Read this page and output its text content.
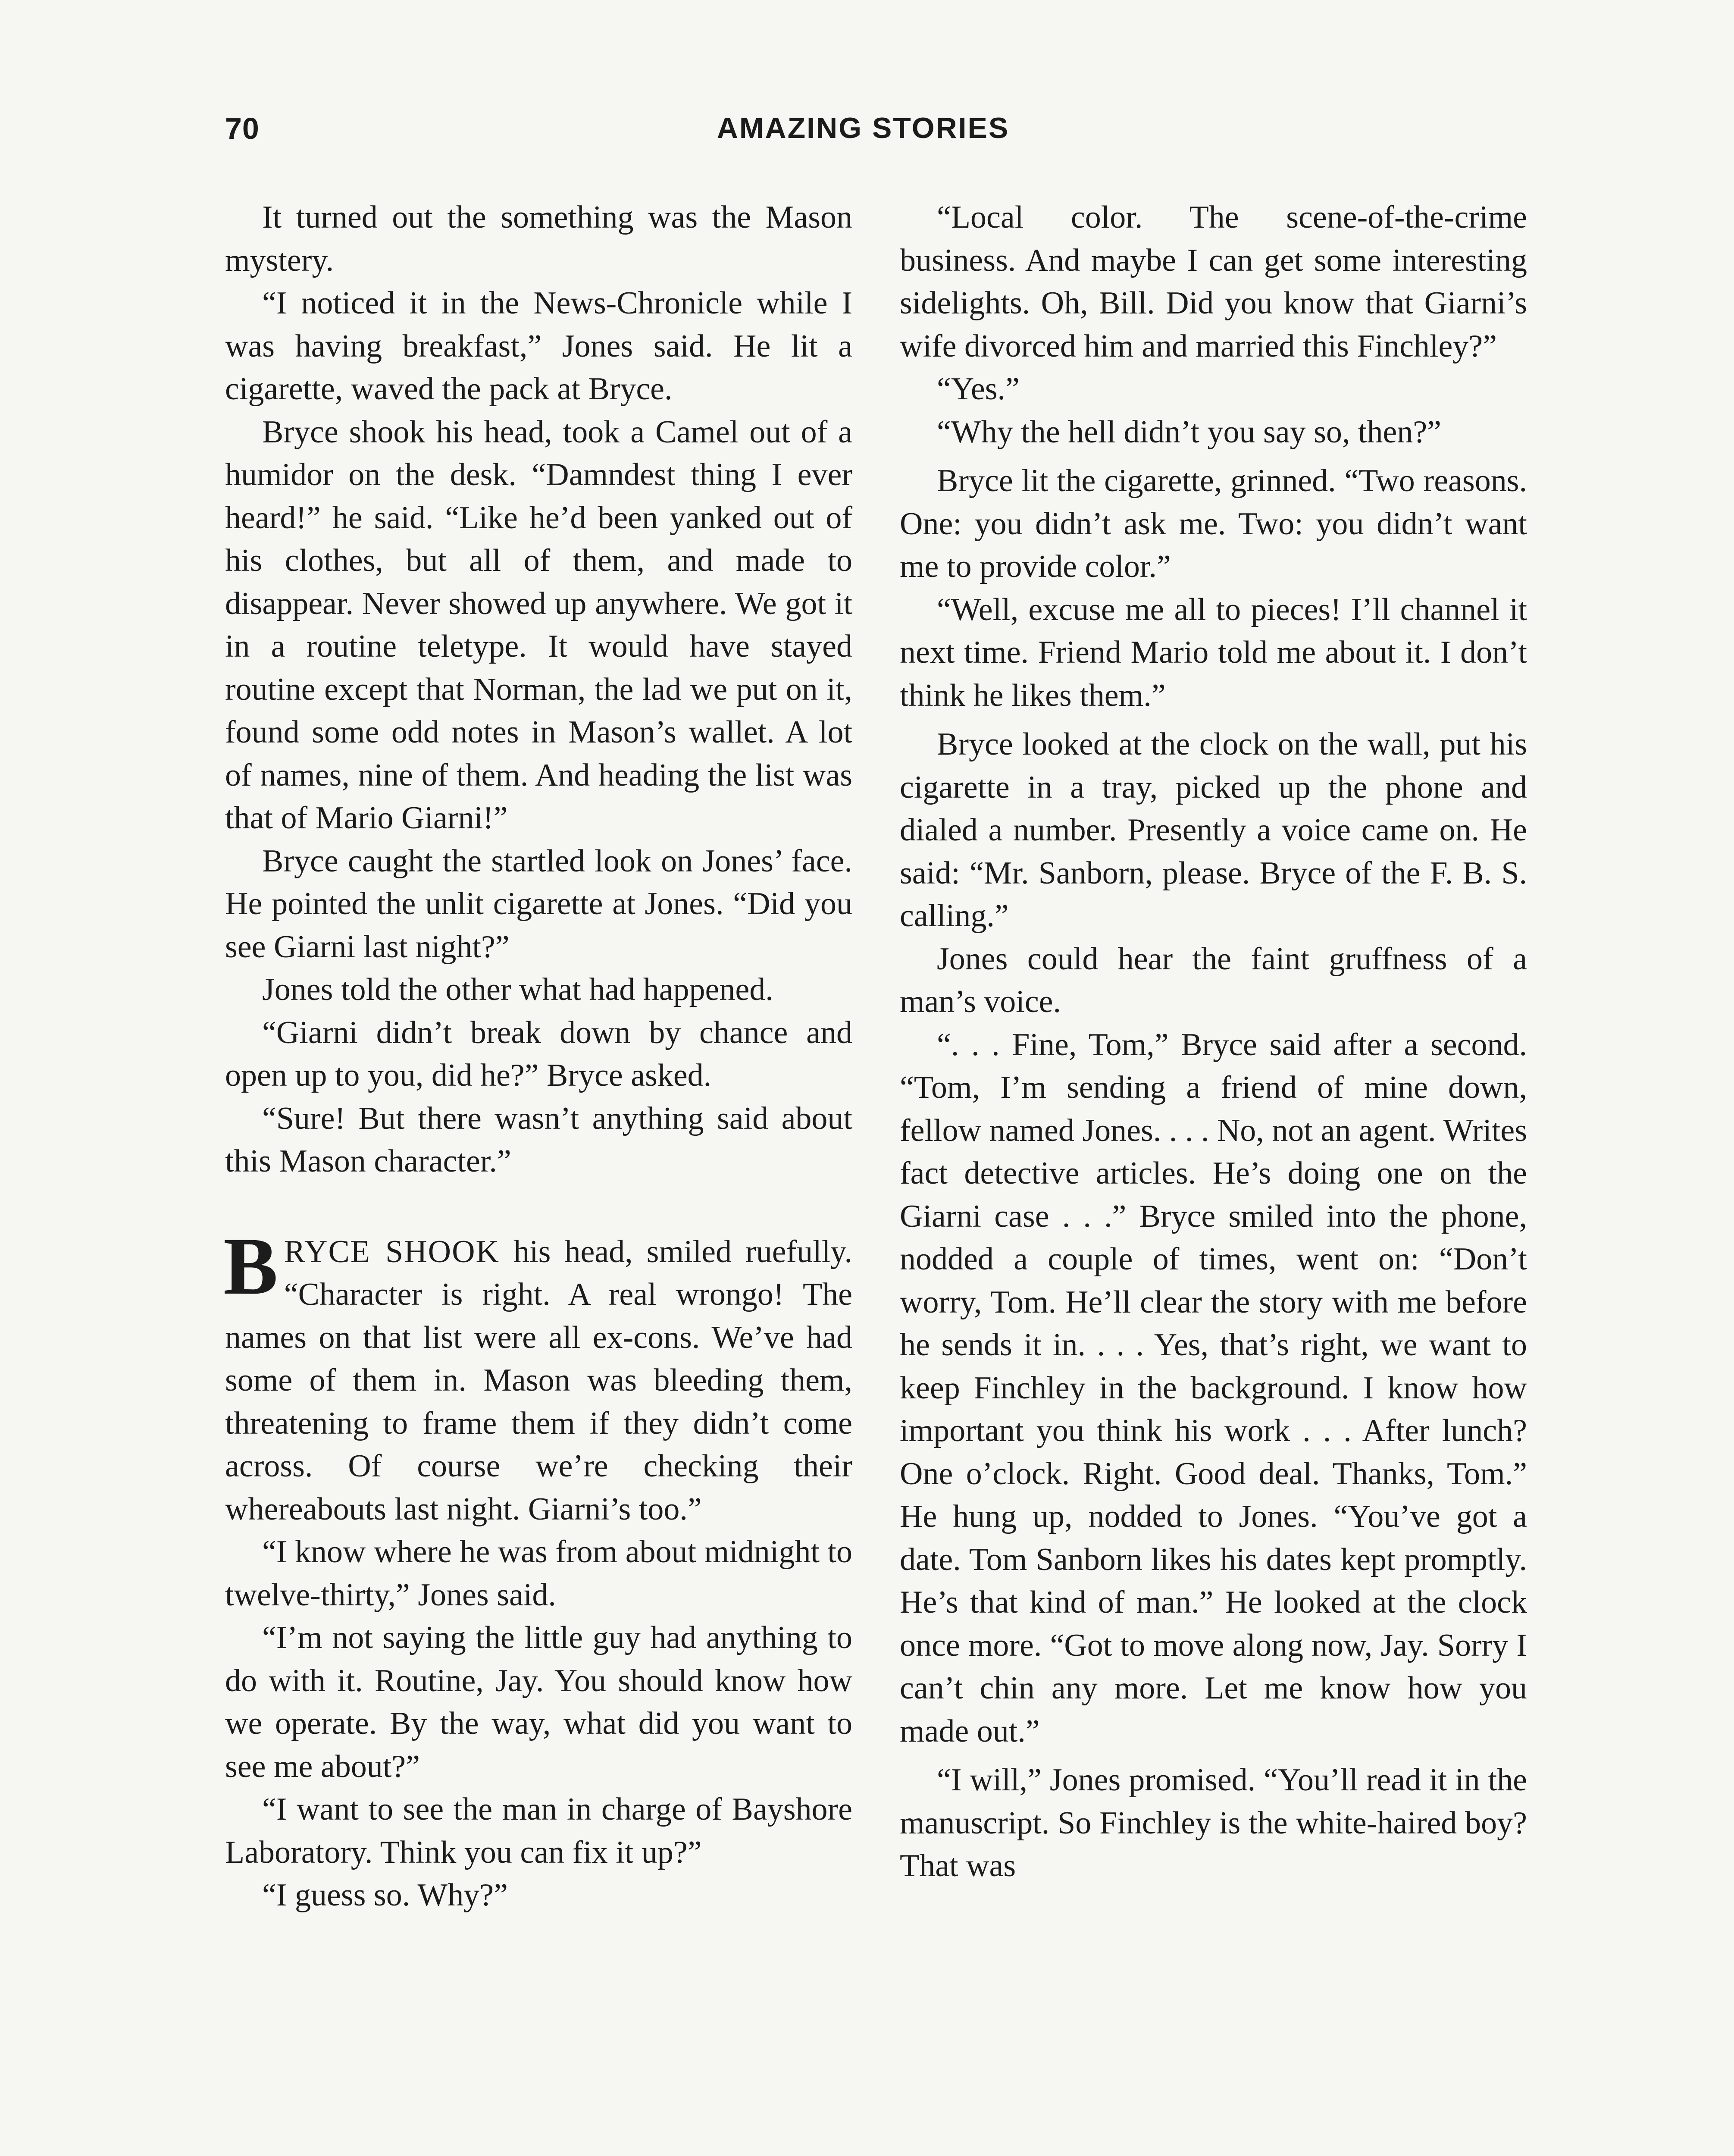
70	AMAZING STORIES

It turned out the something was the Mason mystery.

“I noticed it in the News-Chronicle while I was having breakfast,” Jones said. He lit a cigarette, waved the pack at Bryce.

Bryce shook his head, took a Camel out of a humidor on the desk. “Damndest thing I ever heard!” he said. “Like he’d been yanked out of his clothes, but all of them, and made to disappear. Never showed up anywhere. We got it in a routine teletype. It would have stayed routine except that Norman, the lad we put on it, found some odd notes in Mason’s wallet. A lot of names, nine of them. And heading the list was that of Mario Giarni!”

Bryce caught the startled look on Jones’ face. He pointed the unlit cigarette at Jones. “Did you see Giarni last night?”

Jones told the other what had happened.

“Giarni didn’t break down by chance and open up to you, did he?” Bryce asked.

“Sure! But there wasn’t anything said about this Mason character.”

BRYCE SHOOK his head, smiled ruefully. “Character is right. A real wrongo! The names on that list were all ex-cons. We’ve had some of them in. Mason was bleeding them, threatening to frame them if they didn’t come across. Of course we’re checking their whereabouts last night. Giarni’s too.”

“I know where he was from about midnight to twelve-thirty,” Jones said.

“I’m not saying the little guy had anything to do with it. Routine, Jay. You should know how we operate. By the way, what did you want to see me about?”

“I want to see the man in charge of Bayshore Laboratory. Think you can fix it up?”

“I guess so. Why?”

“Local color. The scene-of-the-crime business. And maybe I can get some interesting sidelights. Oh, Bill. Did you know that Giarni’s wife divorced him and married this Finchley?”

“Yes.”

“Why the hell didn’t you say so, then?”

Bryce lit the cigarette, grinned. “Two reasons. One: you didn’t ask me. Two: you didn’t want me to provide color.”

“Well, excuse me all to pieces! I’ll channel it next time. Friend Mario told me about it. I don’t think he likes them.”

Bryce looked at the clock on the wall, put his cigarette in a tray, picked up the phone and dialed a number. Presently a voice came on. He said: “Mr. Sanborn, please. Bryce of the F. B. S. calling.”

Jones could hear the faint gruffness of a man’s voice.

“. . . Fine, Tom,” Bryce said after a second. “Tom, I’m sending a friend of mine down, fellow named Jones. . . . No, not an agent. Writes fact detective articles. He’s doing one on the Giarni case . . .” Bryce smiled into the phone, nodded a couple of times, went on: “Don’t worry, Tom. He’ll clear the story with me before he sends it in. . . . Yes, that’s right, we want to keep Finchley in the background. I know how important you think his work . . . After lunch? One o’clock. Right. Good deal. Thanks, Tom.” He hung up, nodded to Jones. “You’ve got a date. Tom Sanborn likes his dates kept promptly. He’s that kind of man.” He looked at the clock once more. “Got to move along now, Jay. Sorry I can’t chin any more. Let me know how you made out.”

“I will,” Jones promised. “You’ll read it in the manuscript. So Finchley is the white-haired boy? That was
